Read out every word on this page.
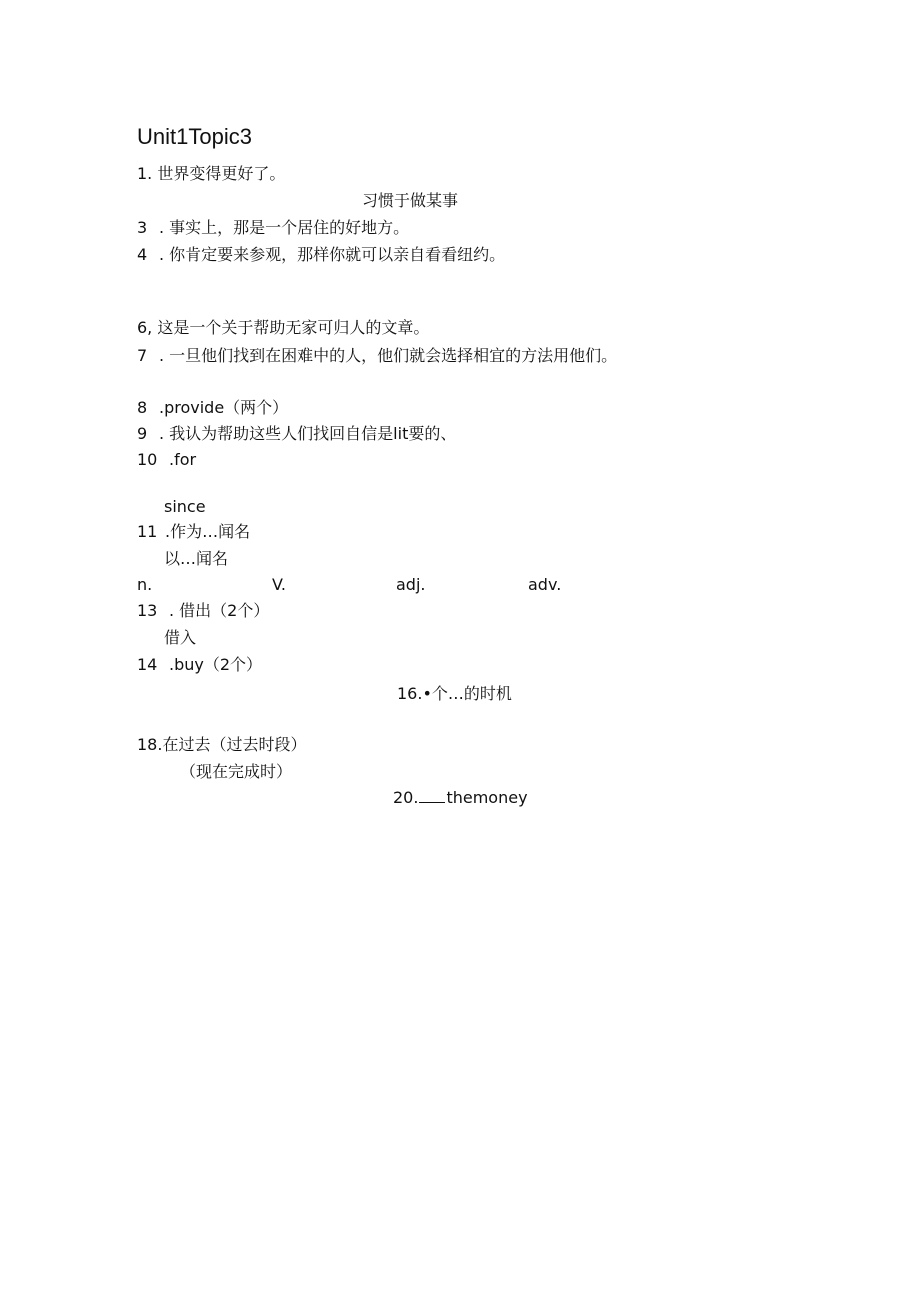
Unit1Topic3
1. 世界变得更好了。
习惯于做某事
3 . 事实上，那是一个居住的好地方。
4 . 你肯定要来参观，那样你就可以亲自看看纽约。
6, 这是一个关于帮助无家可归人的文章。
7 . 一旦他们找到在困难中的人，他们就会选择相宜的方法用他们。
8 .provide（两个）
9 . 我认为帮助这些人们找回自信是lit要的、
10 .for
since
11 .作为…闻名
以…闻名
n.	V.	adj.	adv.
13 . 借出（2个）
借入
14 .buy（2个）
16.•个…的时机
18.在过去（过去时段）
（现在完成时）
20. themoney
